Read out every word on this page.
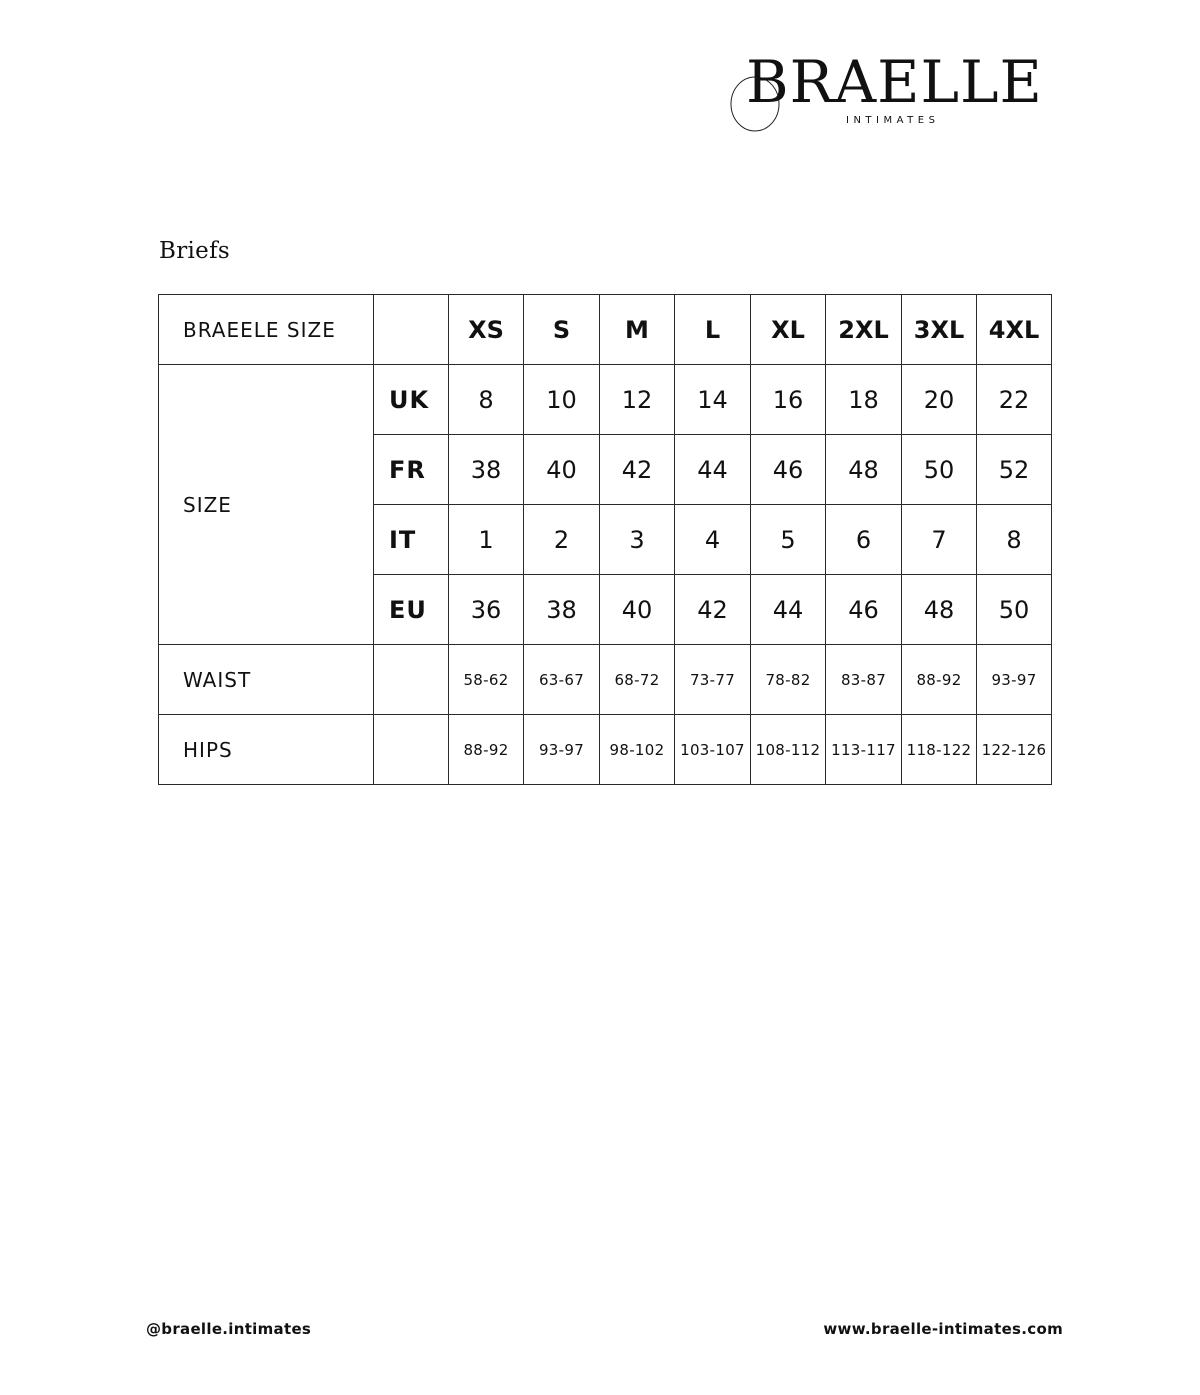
BRAELLE
INTIMATES
Briefs
BRAEELE SIZE		XS	S	M	L	XL	2XL	3XL	4XL
SIZE	UK	8	10	12	14	16	18	20	22
	FR	38	40	42	44	46	48	50	52
	IT	1	2	3	4	5	6	7	8
	EU	36	38	40	42	44	46	48	50
WAIST		58-62	63-67	68-72	73-77	78-82	83-87	88-92	93-97
HIPS		88-92	93-97	98-102	103-107	108-112	113-117	118-122	122-126
@braelle.intimates	www.braelle-intimates.com
